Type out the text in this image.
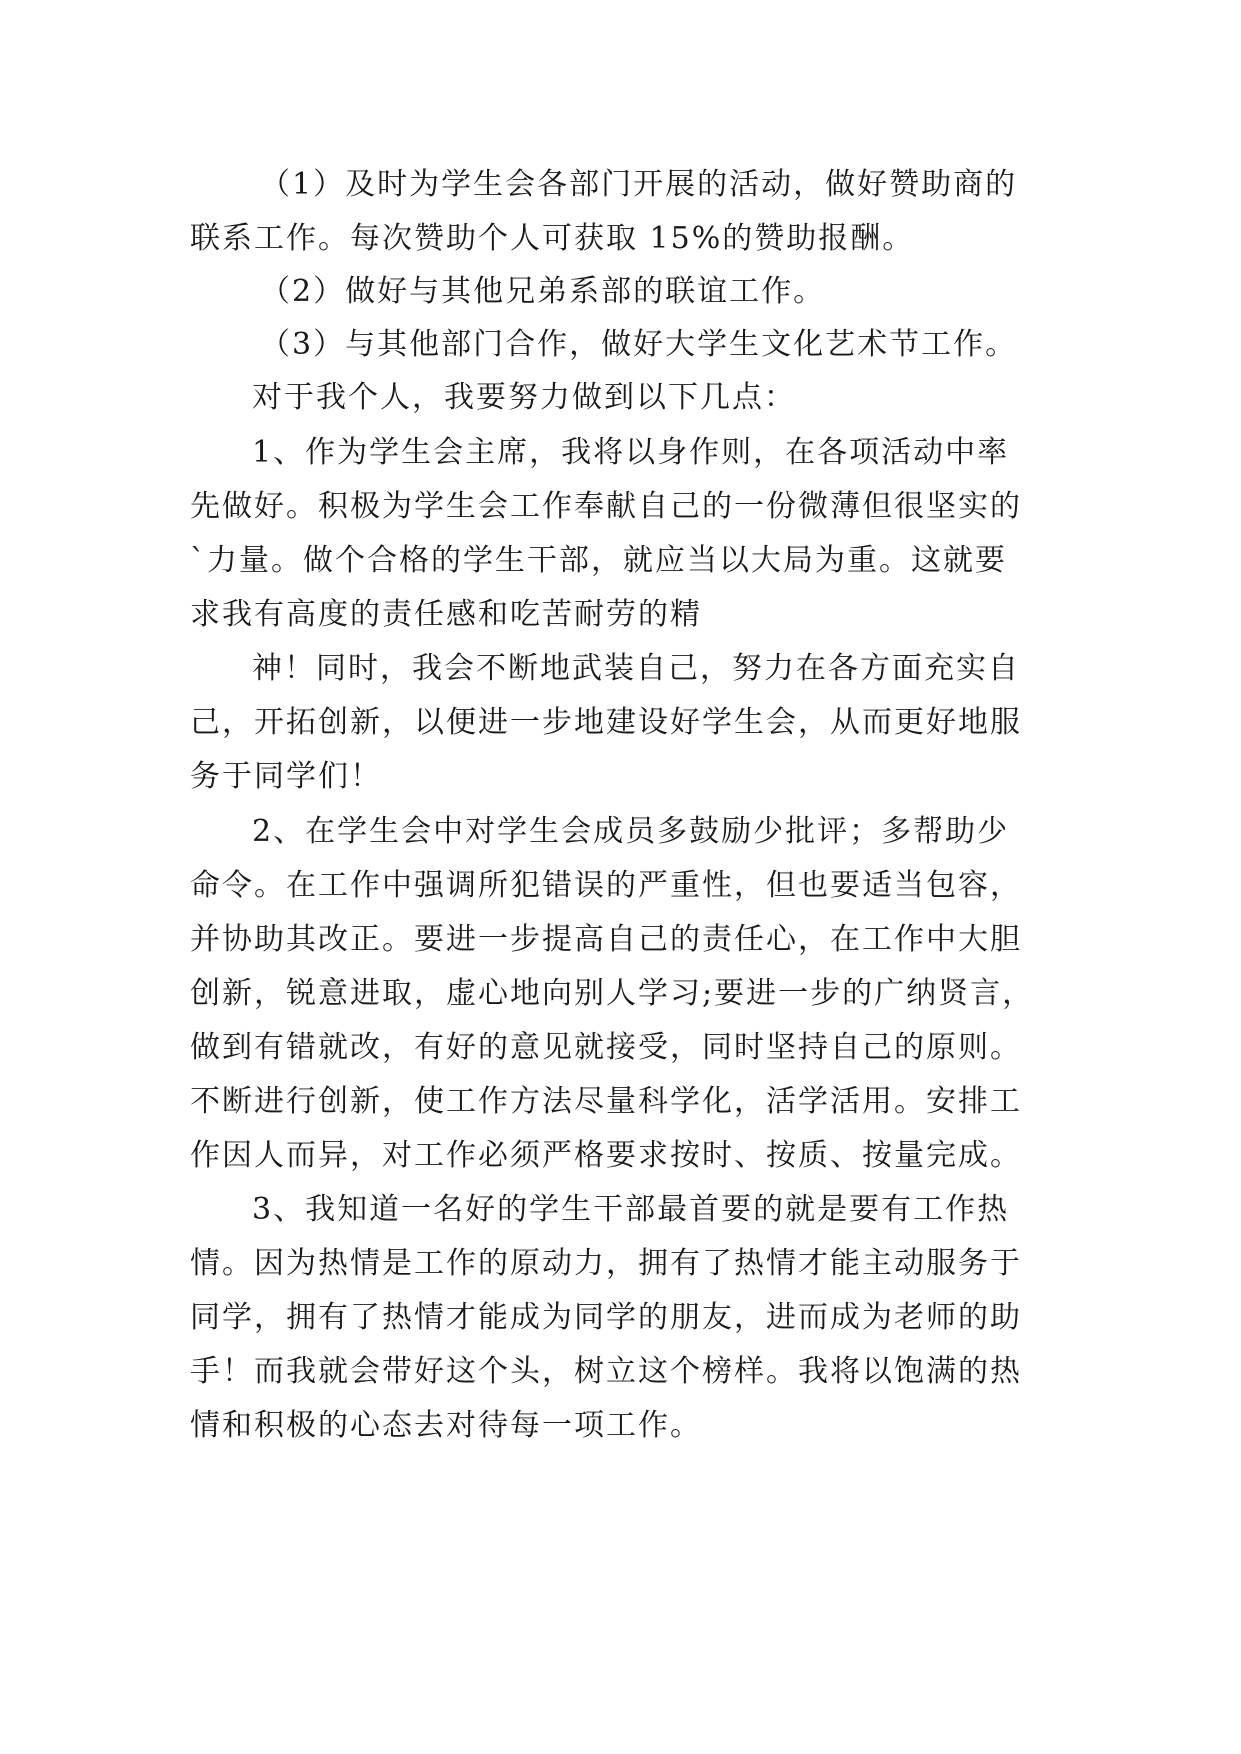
（1）及时为学生会各部门开展的活动，做好赞助商的
联系工作。每次赞助个人可获取 15%的赞助报酬。
（2）做好与其他兄弟系部的联谊工作。
（3）与其他部门合作，做好大学生文化艺术节工作。
对于我个人，我要努力做到以下几点：
1、作为学生会主席，我将以身作则，在各项活动中率
先做好。积极为学生会工作奉献自己的一份微薄但很坚实的
`力量。做个合格的学生干部，就应当以大局为重。这就要
求我有高度的责任感和吃苦耐劳的精
神！同时，我会不断地武装自己，努力在各方面充实自
己，开拓创新，以便进一步地建设好学生会，从而更好地服
务于同学们！
2、在学生会中对学生会成员多鼓励少批评；多帮助少
命令。在工作中强调所犯错误的严重性，但也要适当包容，
并协助其改正。要进一步提高自己的责任心，在工作中大胆
创新，锐意进取，虚心地向别人学习;要进一步的广纳贤言，
做到有错就改，有好的意见就接受，同时坚持自己的原则。
不断进行创新，使工作方法尽量科学化，活学活用。安排工
作因人而异，对工作必须严格要求按时、按质、按量完成。
3、我知道一名好的学生干部最首要的就是要有工作热
情。因为热情是工作的原动力，拥有了热情才能主动服务于
同学，拥有了热情才能成为同学的朋友，进而成为老师的助
手！而我就会带好这个头，树立这个榜样。我将以饱满的热
情和积极的心态去对待每一项工作。
